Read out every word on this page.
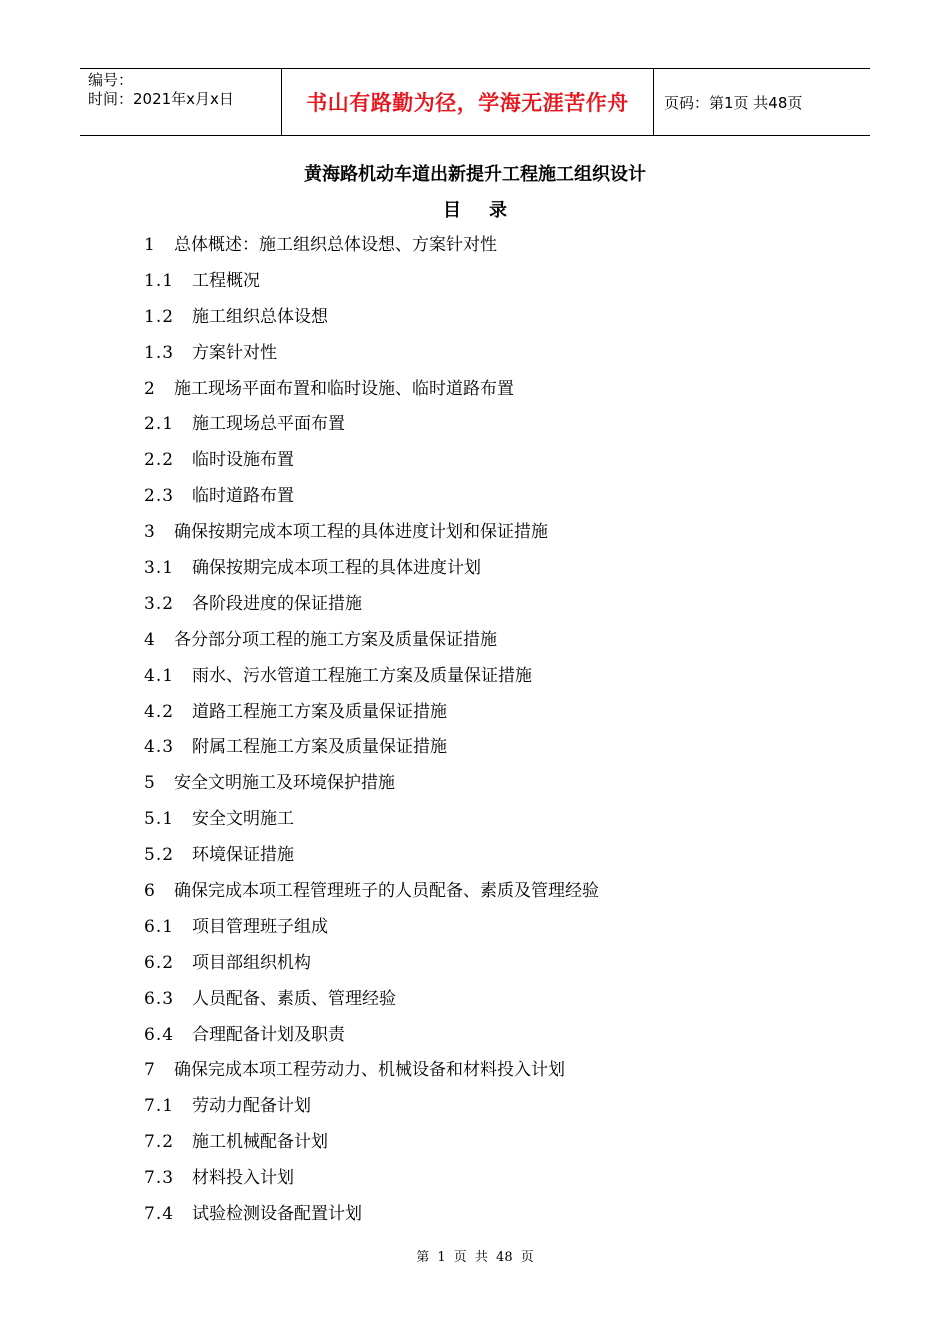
编号：
时间：2021年x月x日	书山有路勤为径，学海无涯苦作舟	页码：第1页 共48页
黄海路机动车道出新提升工程施工组织设计
目录
1	总体概述：施工组织总体设想、方案针对性
1.1	工程概况
1.2	施工组织总体设想
1.3	方案针对性
2	施工现场平面布置和临时设施、临时道路布置
2.1	施工现场总平面布置
2.2	临时设施布置
2.3	临时道路布置
3	确保按期完成本项工程的具体进度计划和保证措施
3.1	确保按期完成本项工程的具体进度计划
3.2	各阶段进度的保证措施
4	各分部分项工程的施工方案及质量保证措施
4.1	雨水、污水管道工程施工方案及质量保证措施
4.2	道路工程施工方案及质量保证措施
4.3	附属工程施工方案及质量保证措施
5	安全文明施工及环境保护措施
5.1	安全文明施工
5.2	环境保证措施
6	确保完成本项工程管理班子的人员配备、素质及管理经验
6.1	项目管理班子组成
6.2	项目部组织机构
6.3	人员配备、素质、管理经验
6.4	合理配备计划及职责
7	确保完成本项工程劳动力、机械设备和材料投入计划
7.1	劳动力配备计划
7.2	施工机械配备计划
7.3	材料投入计划
7.4	试验检测设备配置计划
第 1 页 共 48 页
